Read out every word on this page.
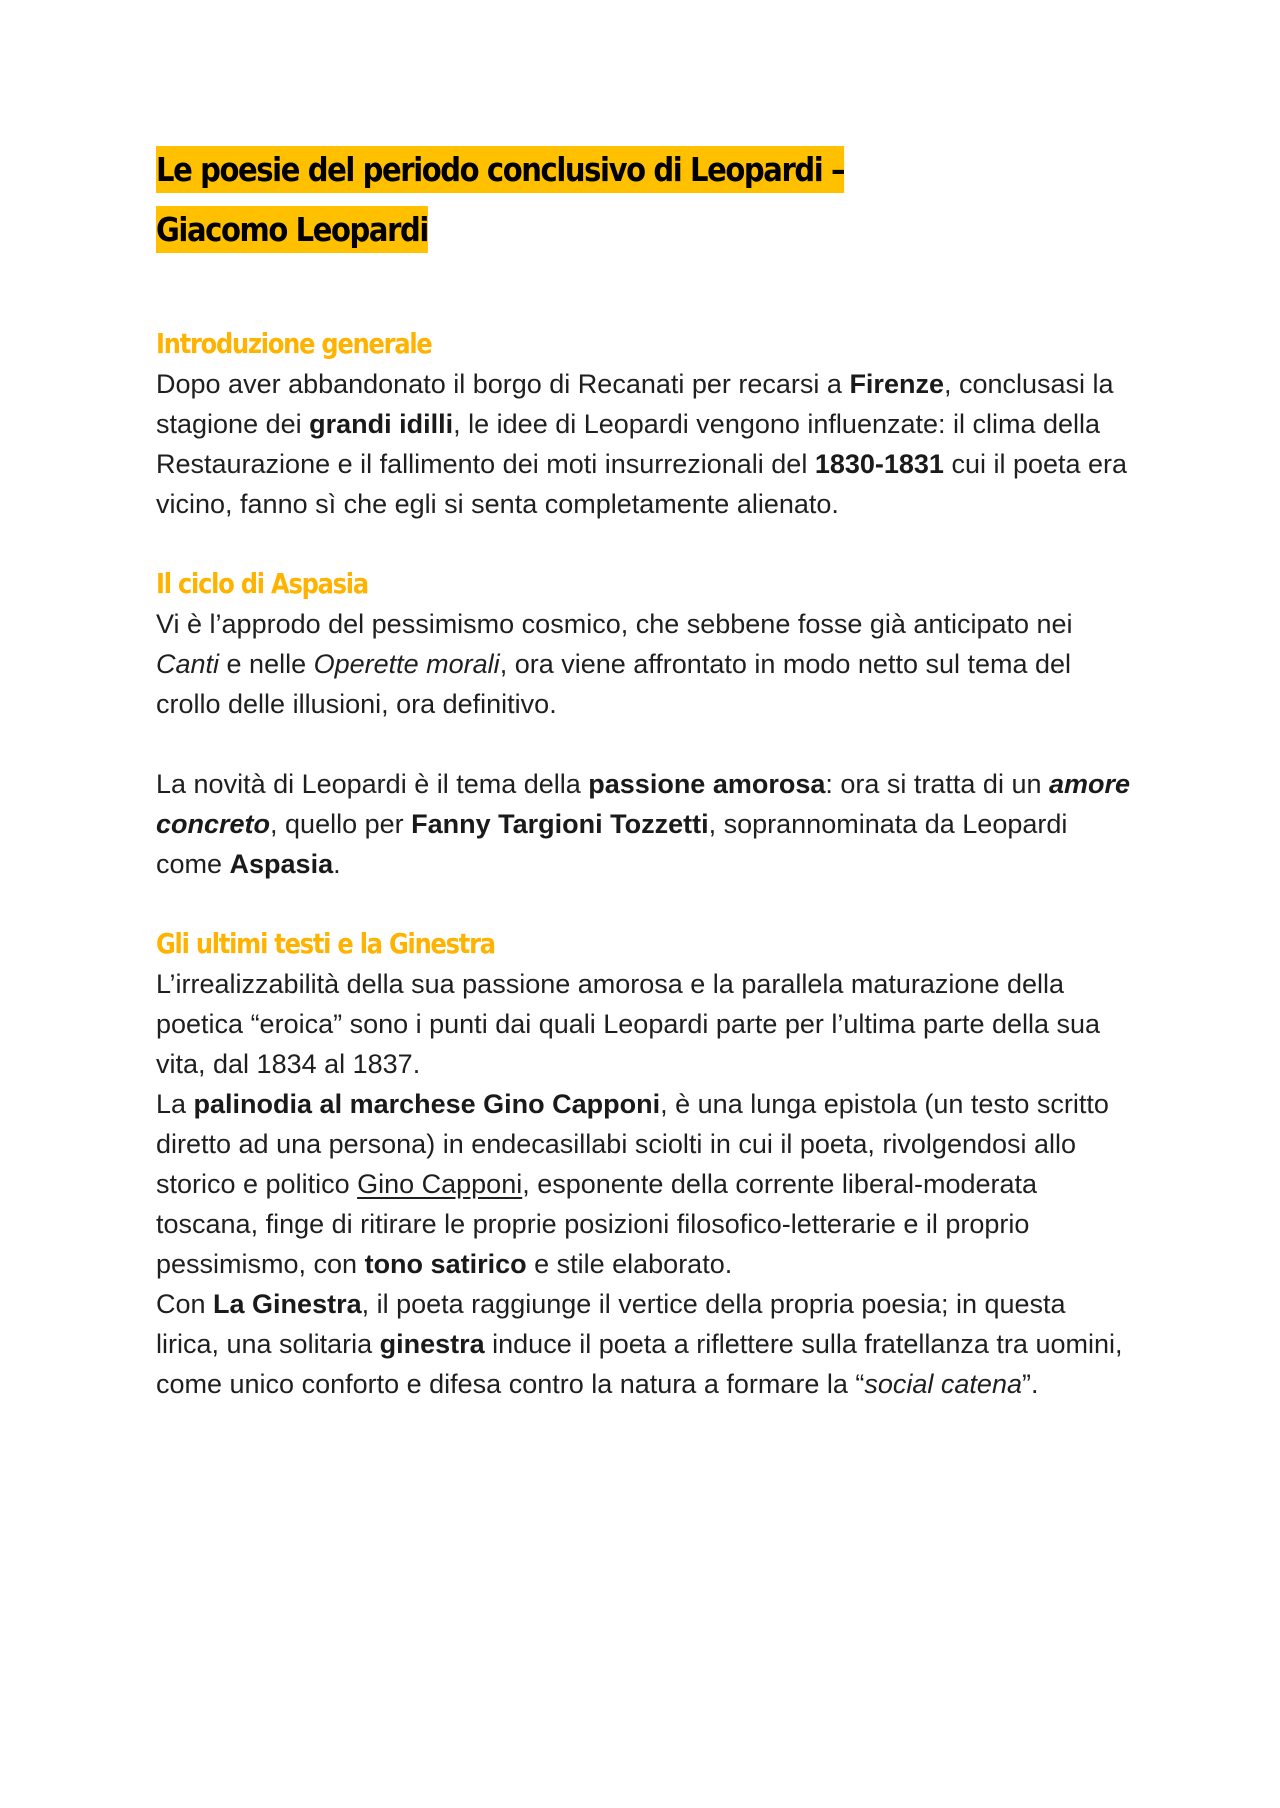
Le poesie del periodo conclusivo di Leopardi –
Giacomo Leopardi
Introduzione generale

Dopo aver abbandonato il borgo di Recanati per recarsi a Firenze, conclusasi la stagione dei grandi idilli, le idee di Leopardi vengono influenzate: il clima della Restaurazione e il fallimento dei moti insurrezionali del 1830-1831 cui il poeta era vicino, fanno sì che egli si senta completamente alienato.

Il ciclo di Aspasia

Vi è l’approdo del pessimismo cosmico, che sebbene fosse già anticipato nei Canti e nelle Operette morali, ora viene affrontato in modo netto sul tema del crollo delle illusioni, ora definitivo.

La novità di Leopardi è il tema della passione amorosa: ora si tratta di un amore concreto, quello per Fanny Targioni Tozzetti, soprannominata da Leopardi come Aspasia.

Gli ultimi testi e la Ginestra

L’irrealizzabilità della sua passione amorosa e la parallela maturazione della poetica “eroica” sono i punti dai quali Leopardi parte per l’ultima parte della sua vita, dal 1834 al 1837.

La palinodia al marchese Gino Capponi, è una lunga epistola (un testo scritto diretto ad una persona) in endecasillabi sciolti in cui il poeta, rivolgendosi allo storico e politico Gino Capponi, esponente della corrente liberal-moderata toscana, finge di ritirare le proprie posizioni filosofico-letterarie e il proprio pessimismo, con tono satirico e stile elaborato.

Con La Ginestra, il poeta raggiunge il vertice della propria poesia; in questa lirica, una solitaria ginestra induce il poeta a riflettere sulla fratellanza tra uomini, come unico conforto e difesa contro la natura a formare la “social catena”.
